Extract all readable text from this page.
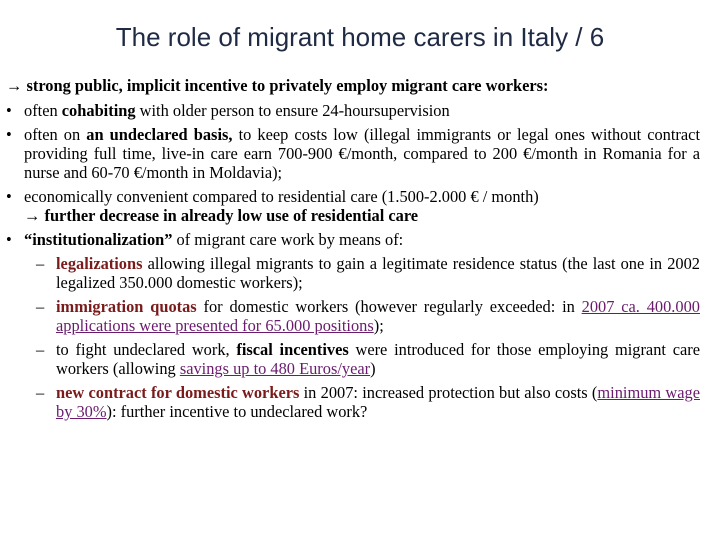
The role of migrant home carers in Italy / 6
→ strong public, implicit incentive to privately employ migrant care workers:
• often cohabiting with older person to ensure 24-hoursupervision
• often on an undeclared basis, to keep costs low (illegal immigrants or legal ones without contract providing full time, live-in care earn 700-900 €/month, compared to 200 €/month in Romania for a nurse and 60-70 €/month in Moldavia);
• economically convenient compared to residential care (1.500-2.000 € / month)
→ further decrease in already low use of residential care
• “institutionalization” of migrant care work by means of:
– legalizations allowing illegal migrants to gain a legitimate residence status (the last one in 2002 legalized 350.000 domestic workers);
– immigration quotas for domestic workers (however regularly exceeded: in 2007 ca. 400.000 applications were presented for 65.000 positions);
– to fight undeclared work, fiscal incentives were introduced for those employing migrant care workers (allowing savings up to 480 Euros/year)
– new contract for domestic workers in 2007: increased protection but also costs (minimum wage by 30%): further incentive to undeclared work?
